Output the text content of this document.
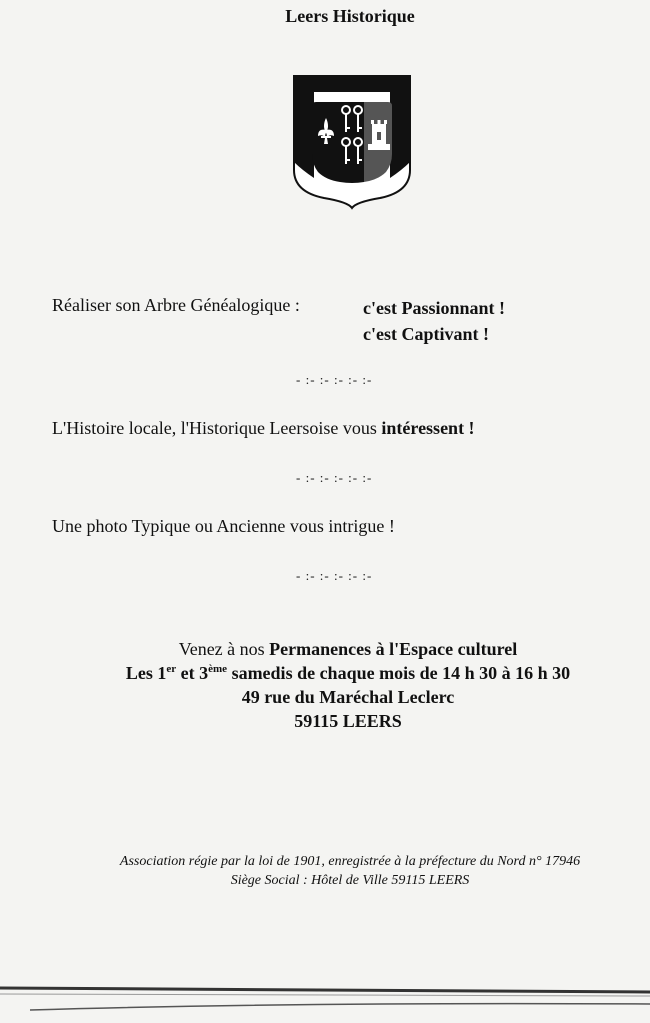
Leers Historique
Réaliser son Arbre Généalogique :	c'est Passionnant !
c'est Captivant !
- :- :- :- :- :-
L'Histoire locale, l'Historique Leersoise vous intéressent !
- :- :- :- :- :-
Une photo Typique ou Ancienne vous intrigue !
- :- :- :- :- :-
Venez à nos Permanences à l'Espace culturel
Les 1er et 3ème samedis de chaque mois de 14 h 30 à 16 h 30
49 rue du Maréchal Leclerc
59115 LEERS
Association régie par la loi de 1901, enregistrée à la préfecture du Nord n° 17946
Siège Social : Hôtel de Ville 59115 LEERS
